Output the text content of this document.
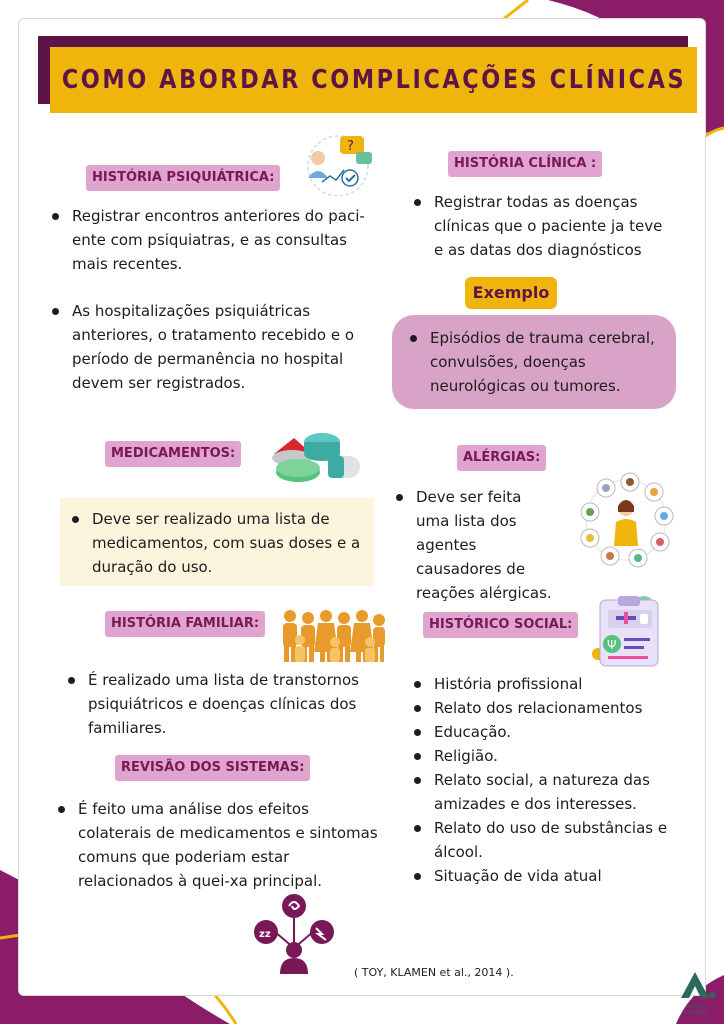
COMO ABORDAR COMPLICAÇÕES CLÍNICAS
HISTÓRIA PSIQUIÁTRICA:
Registrar encontros anteriores do paci-
ente com psiquiatras, e as consultas
mais recentes.
As hospitalizações psiquiátricas
anteriores, o tratamento recebido e o
período de permanência no hospital
devem ser registrados.
HISTÓRIA CLÍNICA :
Registrar todas as doenças
clínicas que o paciente ja teve
e as datas dos diagnósticos
Exemplo
Episódios de trauma cerebral,
convulsões, doenças
neurológicas ou tumores.
MEDICAMENTOS:
Deve ser realizado uma lista de
medicamentos, com suas doses e a
duração do uso.
ALÉRGIAS:
Deve ser feita
uma lista dos
agentes
causadores de
reações alérgicas.
HISTÓRIA FAMILIAR:
É realizado uma lista de transtornos
psiquiátricos e doenças clínicas dos
familiares.
HISTÓRICO SOCIAL:
História profissional
Relato dos relacionamentos
Educação.
Religião.
Relato social, a natureza das
amizades e dos interesses.
Relato do uso de substâncias e
álcool.
Situação de vida atual
REVISÃO DOS SISTEMAS:
É feito uma análise dos efeitos
colaterais de medicamentos e sintomas
comuns que poderiam estar
relacionados à quei-xa principal.
?
Ψ
zz
( TOY, KLAMEN et al., 2014 ).
6
resumo
da saúde
